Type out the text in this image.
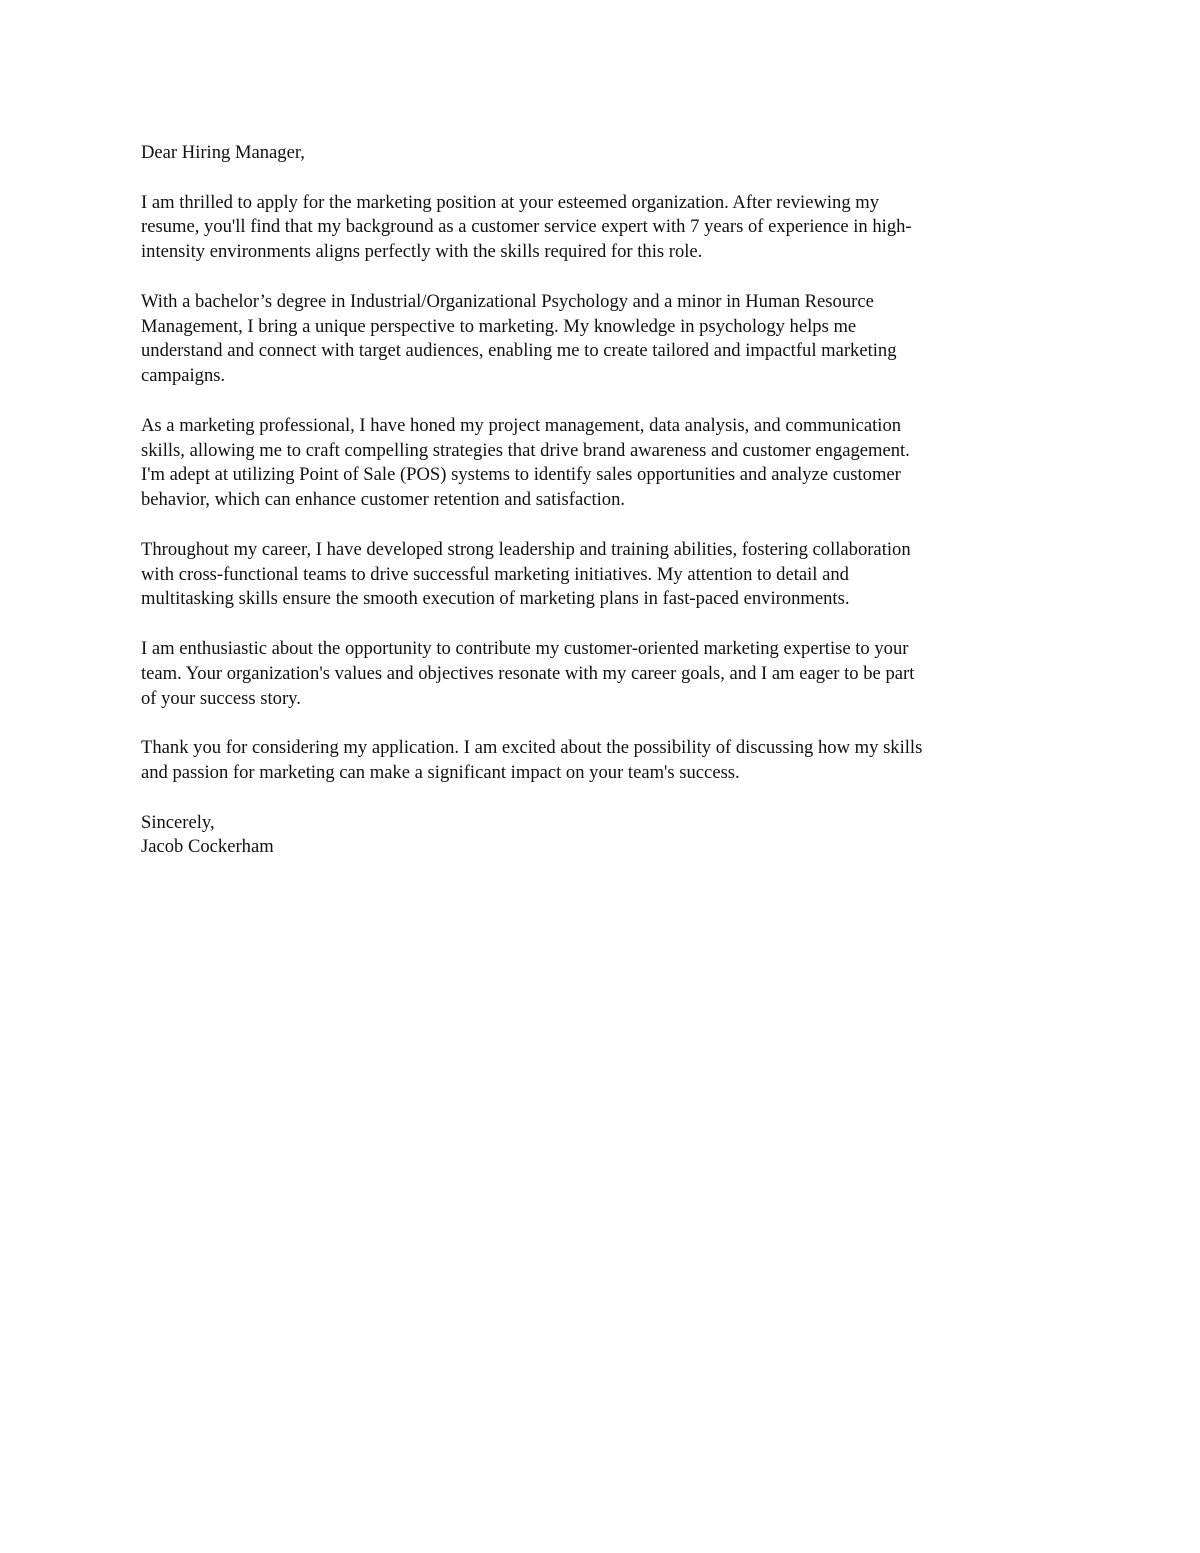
Dear Hiring Manager,

I am thrilled to apply for the marketing position at your esteemed organization. After reviewing my
resume, you'll find that my background as a customer service expert with 7 years of experience in high-
intensity environments aligns perfectly with the skills required for this role.

With a bachelor’s degree in Industrial/Organizational Psychology and a minor in Human Resource
Management, I bring a unique perspective to marketing. My knowledge in psychology helps me
understand and connect with target audiences, enabling me to create tailored and impactful marketing
campaigns.

As a marketing professional, I have honed my project management, data analysis, and communication
skills, allowing me to craft compelling strategies that drive brand awareness and customer engagement.
I'm adept at utilizing Point of Sale (POS) systems to identify sales opportunities and analyze customer
behavior, which can enhance customer retention and satisfaction.

Throughout my career, I have developed strong leadership and training abilities, fostering collaboration
with cross-functional teams to drive successful marketing initiatives. My attention to detail and
multitasking skills ensure the smooth execution of marketing plans in fast-paced environments.

I am enthusiastic about the opportunity to contribute my customer-oriented marketing expertise to your
team. Your organization's values and objectives resonate with my career goals, and I am eager to be part
of your success story.

Thank you for considering my application. I am excited about the possibility of discussing how my skills
and passion for marketing can make a significant impact on your team's success.

Sincerely,

Jacob Cockerham
